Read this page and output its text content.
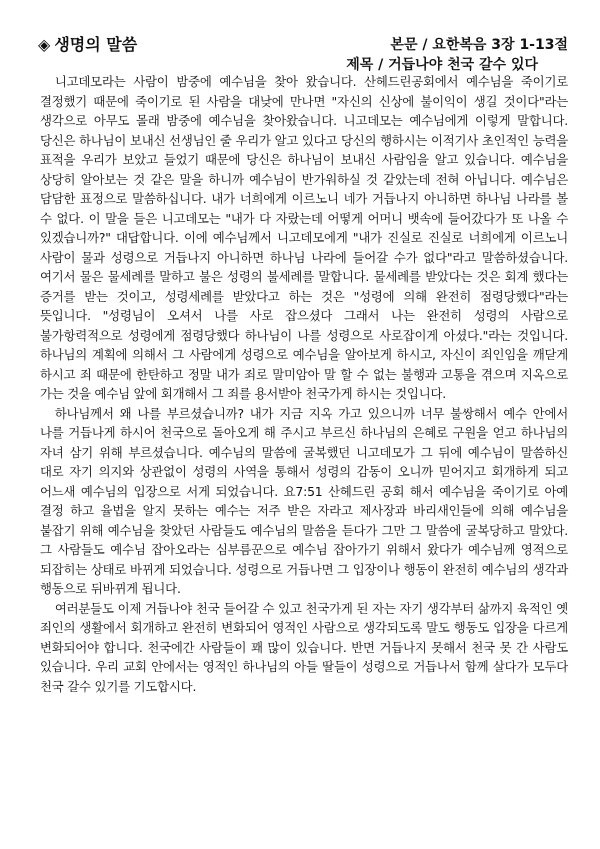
◈ 생명의 말씀	본문 / 요한복음 3장 1-13절
제목 / 거듭나야 천국 갈수 있다

니고데모라는 사람이 밤중에 예수님을 찾아 왔습니다. 산헤드린공회에서 예수님을 죽이기로 결정했기 때문에 죽이기로 된 사람을 대낮에 만나면 "자신의 신상에 불이익이 생길 것이다"라는 생각으로 아무도 몰래 밤중에 예수님을 찾아왔습니다. 니고데모는 예수님에게 이렇게 말합니다. 당신은 하나님이 보내신 선생님인 줄 우리가 알고 있다고 당신의 행하시는 이적기사 초인적인 능력을 표적을 우리가 보았고 들었기 때문에 당신은 하나님이 보내신 사람임을 알고 있습니다. 예수님을 상당히 알아보는 것 같은 말을 하니까 예수님이 반가워하실 것 같았는데 전혀 아닙니다. 예수님은 담담한 표정으로 말씀하십니다. 내가 너희에게 이르노니 네가 거듭나지 아니하면 하나님 나라를 볼 수 없다. 이 말을 들은 니고데모는 "내가 다 자랐는데 어떻게 어머니 뱃속에 들어갔다가 또 나올 수 있겠습니까?" 대답합니다. 이에 예수님께서 니고데모에게 "내가 진실로 진실로 너희에게 이르노니 사람이 물과 성령으로 거듭나지 아니하면 하나님 나라에 들어갈 수가 없다"라고 말씀하셨습니다. 여기서 물은 물세례를 말하고 불은 성령의 불세례를 말합니다. 물세례를 받았다는 것은 회계 했다는 증거를 받는 것이고, 성령세례를 받았다고 하는 것은 "성령에 의해 완전히 점령당했다"라는 뜻입니다. "성령님이 오셔서 나를 사로 잡으셨다 그래서 나는 완전히 성령의 사람으로 불가항력적으로 성령에게 점령당했다 하나님이 나를 성령으로 사로잡이게 아셨다."라는 것입니다. 하나님의 계획에 의해서 그 사람에게 성령으로 예수님을 알아보게 하시고, 자신이 죄인임을 깨닫게 하시고 죄 때문에 한탄하고 정말 내가 죄로 말미암아 말 할 수 없는 불행과 고통을 겪으며 지옥으로 가는 것을 예수님 앞에 회개해서 그 죄를 용서받아 천국가게 하시는 것입니다.

하나님께서 왜 나를 부르셨습니까? 내가 지금 지옥 가고 있으니까 너무 불쌍해서 예수 안에서 나를 거듭나게 하시어 천국으로 돌아오게 해 주시고 부르신 하나님의 은혜로 구원을 얻고 하나님의 자녀 삼기 위해 부르셨습니다. 예수님의 말씀에 굴복했던 니고데모가 그 뒤에 예수님이 말씀하신 대로 자기 의지와 상관없이 성령의 사역을 통해서 성령의 감동이 오니까 믿어지고 회개하게 되고 어느새 예수님의 입장으로 서게 되었습니다. 요7:51 산헤드린 공회 해서 예수님을 죽이기로 아예 결정 하고 율법을 알지 못하는 예수는 저주 받은 자라고 제사장과 바리새인들에 의해 예수님을 붙잡기 위해 예수님을 찾았던 사람들도 예수님의 말씀을 듣다가 그만 그 말씀에 굴복당하고 말았다. 그 사람들도 예수님 잡아오라는 심부름꾼으로 예수님 잡아가기 위해서 왔다가 예수님께 영적으로 되잡히는 상태로 바뀌게 되었습니다. 성령으로 거듭나면 그 입장이나 행동이 완전히 예수님의 생각과 행동으로 뒤바뀌게 됩니다.

여러분들도 이제 거듭나야 천국 들어갈 수 있고 천국가게 된 자는 자기 생각부터 삶까지 육적인 옛 죄인의 생활에서 회개하고 완전히 변화되어 영적인 사람으로 생각되도록 말도 행동도 입장을 다르게 변화되어야 합니다. 천국에간 사람들이 꽤 많이 있습니다. 반면 거듭나지 못해서 천국 못 간 사람도 있습니다. 우리 교회 안에서는 영적인 하나님의 아들 딸들이 성령으로 거듭나서 함께 살다가 모두다 천국 갈수 있기를 기도합시다.
